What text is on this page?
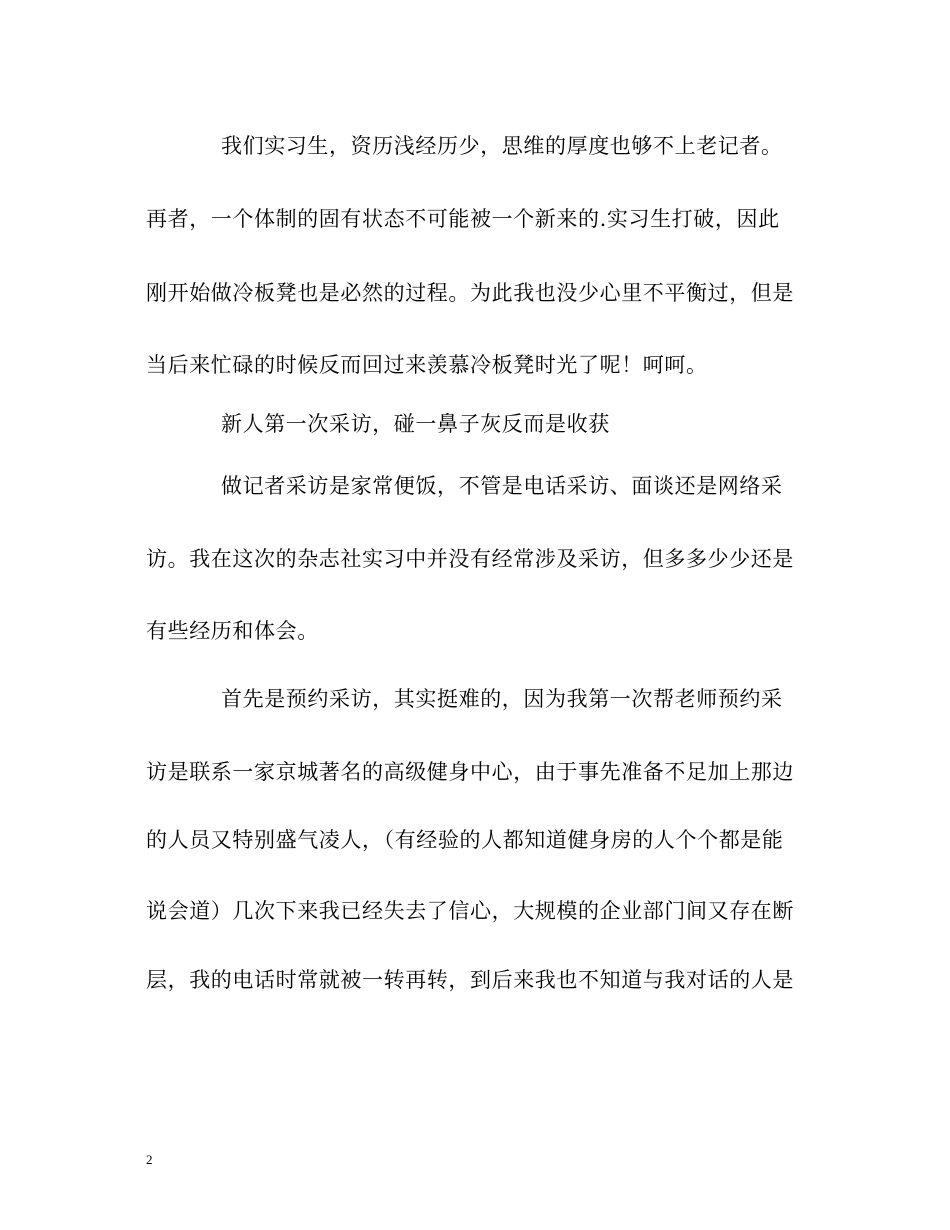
我们实习生，资历浅经历少，思维的厚度也够不上老记者。
再者，一个体制的固有状态不可能被一个新来的.实习生打破，因此
刚开始做冷板凳也是必然的过程。为此我也没少心里不平衡过，但是
当后来忙碌的时候反而回过来羡慕冷板凳时光了呢！呵呵。
新人第一次采访，碰一鼻子灰反而是收获
做记者采访是家常便饭，不管是电话采访、面谈还是网络采
访。我在这次的杂志社实习中并没有经常涉及采访，但多多少少还是
有些经历和体会。
首先是预约采访，其实挺难的，因为我第一次帮老师预约采
访是联系一家京城著名的高级健身中心，由于事先准备不足加上那边
的人员又特别盛气凌人，（有经验的人都知道健身房的人个个都是能
说会道）几次下来我已经失去了信心，大规模的企业部门间又存在断
层，我的电话时常就被一转再转，到后来我也不知道与我对话的人是
2
